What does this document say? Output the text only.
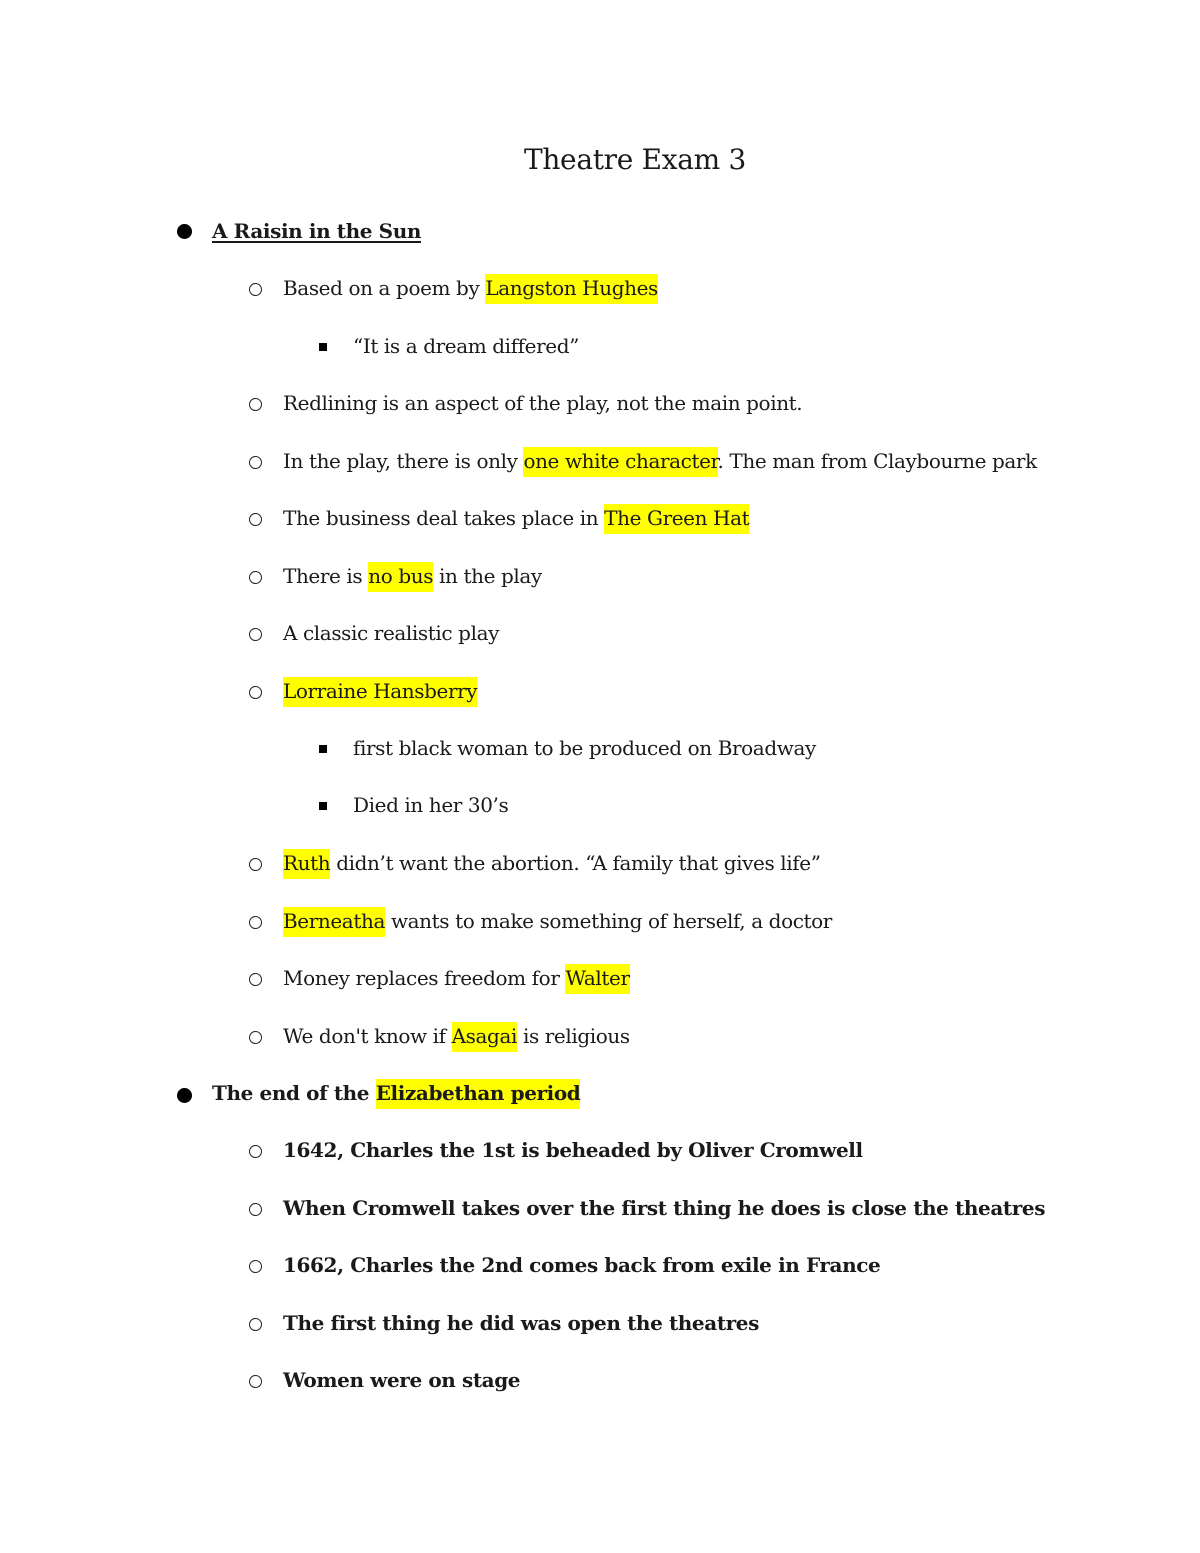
Theatre Exam 3
A Raisin in the Sun
Based on a poem by Langston Hughes
“It is a dream differed”
Redlining is an aspect of the play, not the main point.
In the play, there is only one white character. The man from Claybourne park
The business deal takes place in The Green Hat
There is no bus in the play
A classic realistic play
Lorraine Hansberry
first black woman to be produced on Broadway
Died in her 30’s
Ruth didn’t want the abortion. “A family that gives life”
Berneatha wants to make something of herself, a doctor
Money replaces freedom for Walter
We don't know if Asagai is religious
The end of the Elizabethan period
1642, Charles the 1st is beheaded by Oliver Cromwell
When Cromwell takes over the first thing he does is close the theatres
1662, Charles the 2nd comes back from exile in France
The first thing he did was open the theatres
Women were on stage
